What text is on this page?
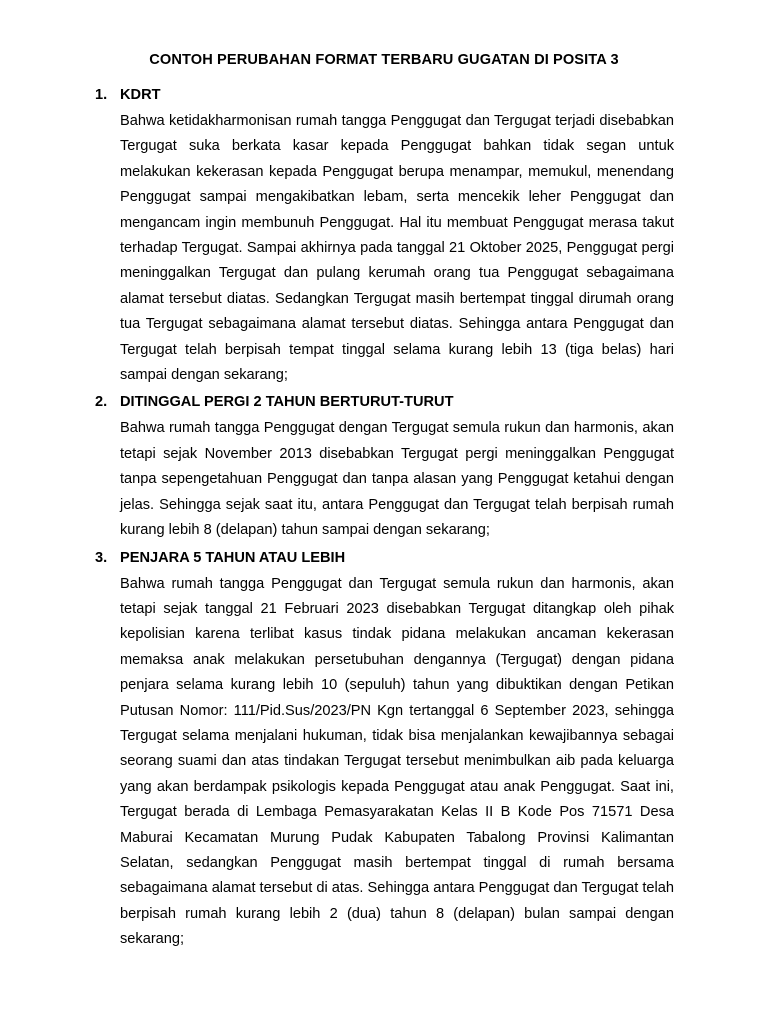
CONTOH PERUBAHAN FORMAT TERBARU GUGATAN DI POSITA 3
1. KDRT
Bahwa ketidakharmonisan rumah tangga Penggugat dan Tergugat terjadi disebabkan Tergugat suka berkata kasar kepada Penggugat bahkan tidak segan untuk melakukan kekerasan kepada Penggugat berupa menampar, memukul, menendang Penggugat sampai mengakibatkan lebam, serta mencekik leher Penggugat dan mengancam ingin membunuh Penggugat. Hal itu membuat Penggugat merasa takut terhadap Tergugat. Sampai akhirnya pada tanggal 21 Oktober 2025, Penggugat pergi meninggalkan Tergugat dan pulang kerumah orang tua Penggugat sebagaimana alamat tersebut diatas. Sedangkan Tergugat masih bertempat tinggal dirumah orang tua Tergugat sebagaimana alamat tersebut diatas. Sehingga antara Penggugat dan Tergugat telah berpisah tempat tinggal selama kurang lebih 13 (tiga belas) hari sampai dengan sekarang;
2. DITINGGAL PERGI 2 TAHUN BERTURUT-TURUT
Bahwa rumah tangga Penggugat dengan Tergugat semula rukun dan harmonis, akan tetapi sejak November 2013 disebabkan Tergugat pergi meninggalkan Penggugat tanpa sepengetahuan Penggugat dan tanpa alasan yang Penggugat ketahui dengan jelas. Sehingga sejak saat itu, antara Penggugat dan Tergugat telah berpisah rumah kurang lebih 8 (delapan) tahun sampai dengan sekarang;
3. PENJARA 5 TAHUN ATAU LEBIH
Bahwa rumah tangga Penggugat dan Tergugat semula rukun dan harmonis, akan tetapi sejak tanggal 21 Februari 2023 disebabkan Tergugat ditangkap oleh pihak kepolisian karena terlibat kasus tindak pidana melakukan ancaman kekerasan memaksa anak melakukan persetubuhan dengannya (Tergugat) dengan pidana penjara selama kurang lebih 10 (sepuluh) tahun yang dibuktikan dengan Petikan Putusan Nomor: 111/Pid.Sus/2023/PN Kgn tertanggal 6 September 2023, sehingga Tergugat selama menjalani hukuman, tidak bisa menjalankan kewajibannya sebagai seorang suami dan atas tindakan Tergugat tersebut menimbulkan aib pada keluarga yang akan berdampak psikologis kepada Penggugat atau anak Penggugat. Saat ini, Tergugat berada di Lembaga Pemasyarakatan Kelas II B Kode Pos 71571 Desa Maburai Kecamatan Murung Pudak Kabupaten Tabalong Provinsi Kalimantan Selatan, sedangkan Penggugat masih bertempat tinggal di rumah bersama sebagaimana alamat tersebut di atas. Sehingga antara Penggugat dan Tergugat telah berpisah rumah kurang lebih 2 (dua) tahun 8 (delapan) bulan sampai dengan sekarang;
